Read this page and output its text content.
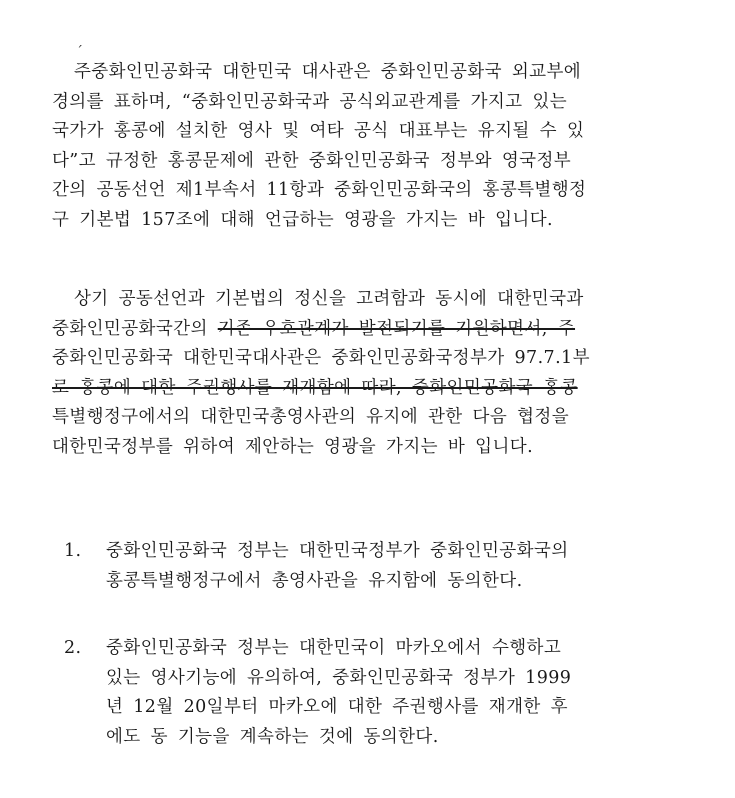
ˊ
주중화인민공화국 대한민국 대사관은 중화인민공화국 외교부에
경의를 표하며, “중화인민공화국과 공식외교관계를 가지고 있는
국가가 홍콩에 설치한 영사 및 여타 공식 대표부는 유지될 수 있
다”고 규정한 홍콩문제에 관한 중화인민공화국 정부와 영국정부
간의 공동선언 제1부속서 11항과 중화인민공화국의 홍콩특별행정
구 기본법 157조에 대해 언급하는 영광을 가지는 바 입니다.
상기 공동선언과 기본법의 정신을 고려함과 동시에 대한민국과
중화인민공화국간의 기존 우호관계가 발전되기를 기원하면서, 주
중화인민공화국 대한민국대사관은 중화인민공화국정부가 97.7.1부
로 홍콩에 대한 주권행사를 재개함에 따라, 중화인민공화국 홍콩
특별행정구에서의 대한민국총영사관의 유지에 관한 다음 협정을
대한민국정부를 위하여 제안하는 영광을 가지는 바 입니다.
1. 중화인민공화국 정부는 대한민국정부가 중화인민공화국의
홍콩특별행정구에서 총영사관을 유지함에 동의한다.
2. 중화인민공화국 정부는 대한민국이 마카오에서 수행하고
있는 영사기능에 유의하여, 중화인민공화국 정부가 1999
년 12월 20일부터 마카오에 대한 주권행사를 재개한 후
에도 동 기능을 계속하는 것에 동의한다.
